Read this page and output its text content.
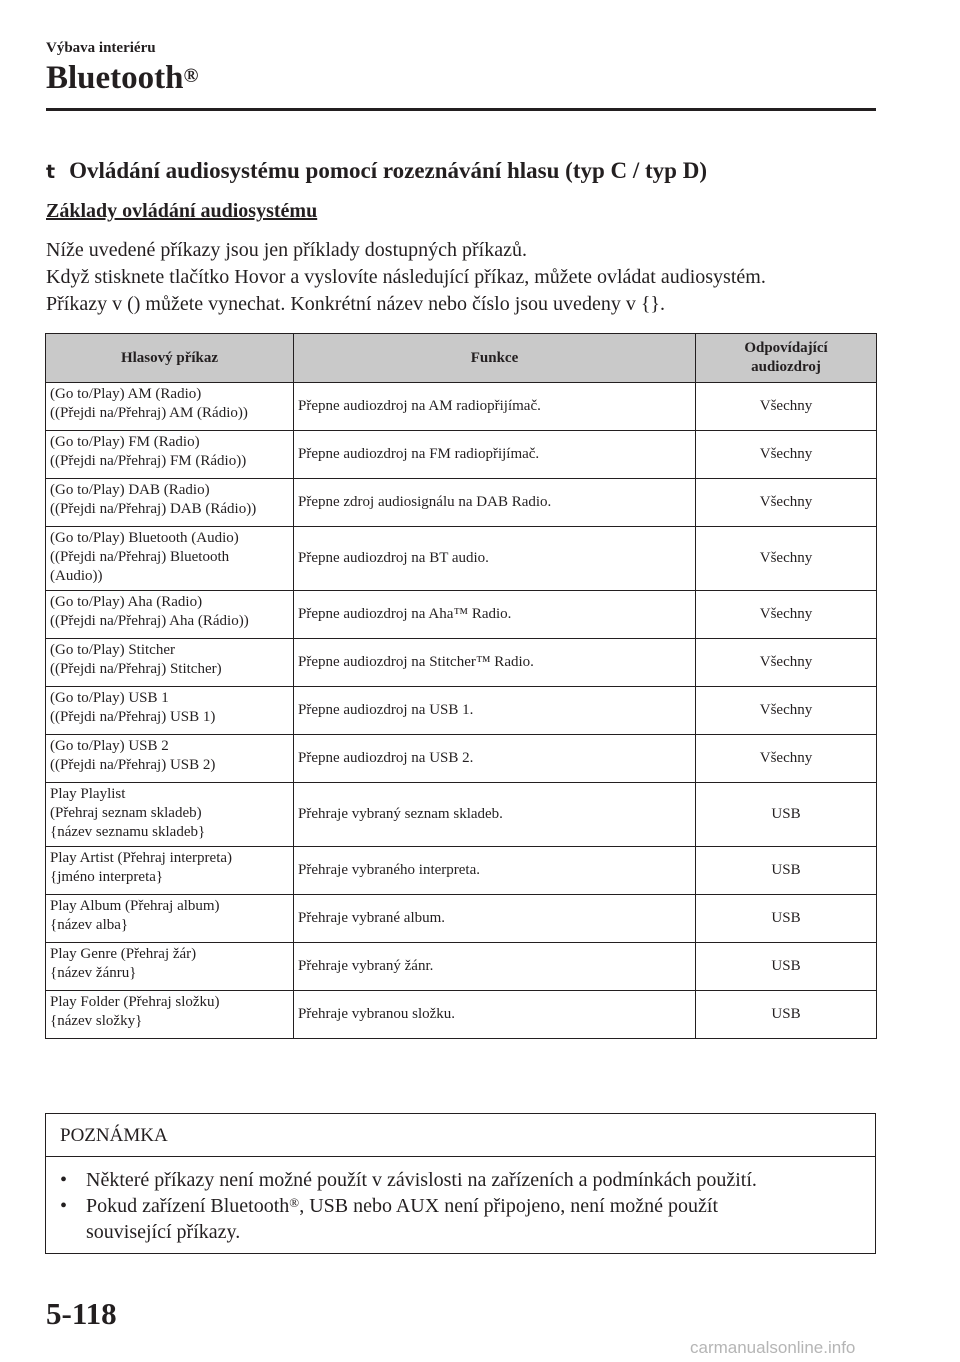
Výbava interiéru
Bluetooth®
t Ovládání audiosystému pomocí rozeznávání hlasu (typ C / typ D)
Základy ovládání audiosystému
Níže uvedené příkazy jsou jen příklady dostupných příkazů.
Když stisknete tlačítko Hovor a vyslovíte následující příkaz, můžete ovládat audiosystém.
Příkazy v () můžete vynechat. Konkrétní název nebo číslo jsou uvedeny v {}.
Hlasový příkaz	Funkce	Odpovídající audiozdroj

(Go to/Play) AM (Radio)
((Přejdi na/Přehraj) AM (Rádio))	Přepne audiozdroj na AM radiopřijímač.	Všechny

(Go to/Play) FM (Radio)
((Přejdi na/Přehraj) FM (Rádio))	Přepne audiozdroj na FM radiopřijímač.	Všechny

(Go to/Play) DAB (Radio)
((Přejdi na/Přehraj) DAB (Rádio))	Přepne zdroj audiosignálu na DAB Radio.	Všechny

(Go to/Play) Bluetooth (Audio)
((Přejdi na/Přehraj) Bluetooth
(Audio))	Přepne audiozdroj na BT audio.	Všechny

(Go to/Play) Aha (Radio)
((Přejdi na/Přehraj) Aha (Rádio))	Přepne audiozdroj na Aha™ Radio.	Všechny

(Go to/Play) Stitcher
((Přejdi na/Přehraj) Stitcher)	Přepne audiozdroj na Stitcher™ Radio.	Všechny

(Go to/Play) USB 1
((Přejdi na/Přehraj) USB 1)	Přepne audiozdroj na USB 1.	Všechny

(Go to/Play) USB 2
((Přejdi na/Přehraj) USB 2)	Přepne audiozdroj na USB 2.	Všechny

Play Playlist
(Přehraj seznam skladeb)
{název seznamu skladeb}	Přehraje vybraný seznam skladeb.	USB

Play Artist (Přehraj interpreta)
{jméno interpreta}	Přehraje vybraného interpreta.	USB

Play Album (Přehraj album)
{název alba}	Přehraje vybrané album.	USB

Play Genre (Přehraj žár)
{název žánru}	Přehraje vybraný žánr.	USB

Play Folder (Přehraj složku)
{název složky}	Přehraje vybranou složku.	USB
POZNÁMKA
• Některé příkazy není možné použít v závislosti na zařízeních a podmínkách použití.
• Pokud zařízení Bluetooth®, USB nebo AUX není připojeno, není možné použít
související příkazy.
5-118
carmanualsonline.info
